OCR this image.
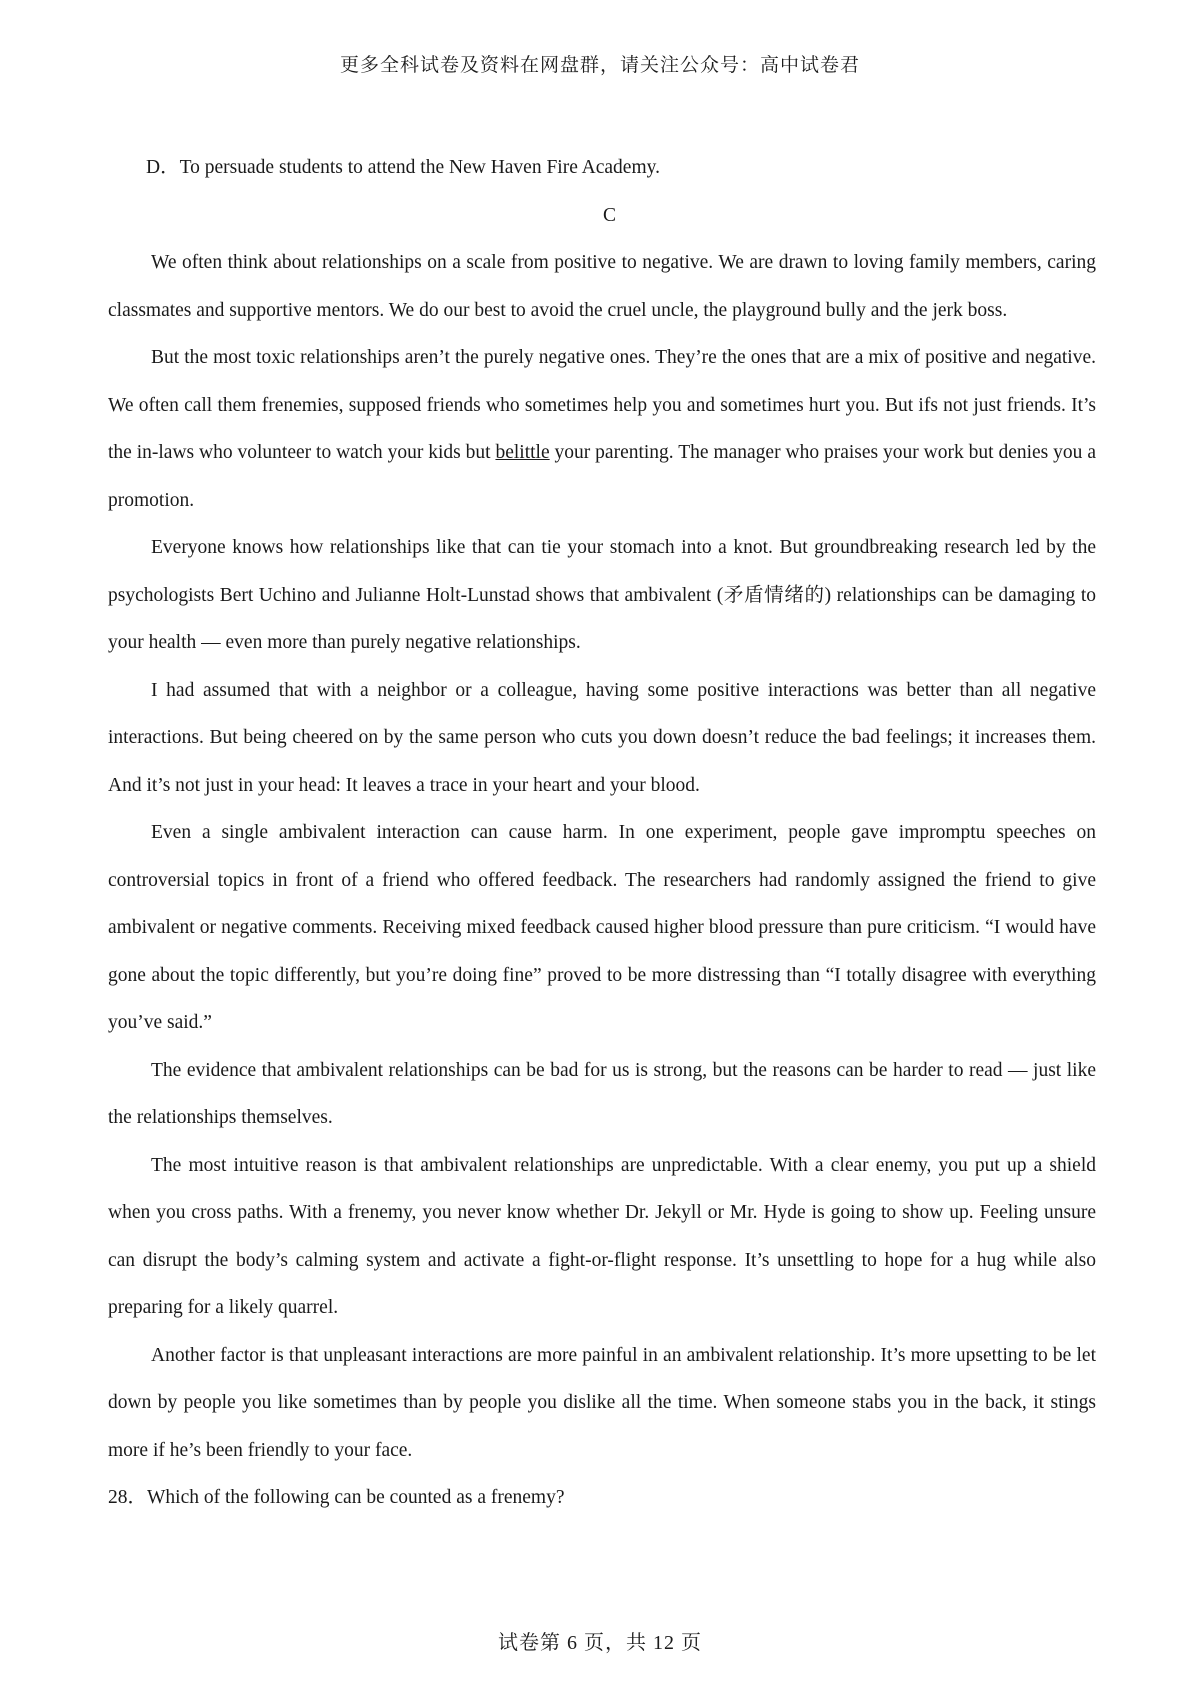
更多全科试卷及资料在网盘群，请关注公众号：高中试卷君

D．To persuade students to attend the New Haven Fire Academy.

C

We often think about relationships on a scale from positive to negative. We are drawn to loving family members, caring classmates and supportive mentors. We do our best to avoid the cruel uncle, the playground bully and the jerk boss.

But the most toxic relationships aren’t the purely negative ones. They’re the ones that are a mix of positive and negative. We often call them frenemies, supposed friends who sometimes help you and sometimes hurt you. But ifs not just friends. It’s the in-laws who volunteer to watch your kids but belittle your parenting. The manager who praises your work but denies you a promotion.

Everyone knows how relationships like that can tie your stomach into a knot. But groundbreaking research led by the psychologists Bert Uchino and Julianne Holt-Lunstad shows that ambivalent (矛盾情绪的) relationships can be damaging to your health — even more than purely negative relationships.

I had assumed that with a neighbor or a colleague, having some positive interactions was better than all negative interactions. But being cheered on by the same person who cuts you down doesn’t reduce the bad feelings; it increases them. And it’s not just in your head: It leaves a trace in your heart and your blood.

Even a single ambivalent interaction can cause harm. In one experiment, people gave impromptu speeches on controversial topics in front of a friend who offered feedback. The researchers had randomly assigned the friend to give ambivalent or negative comments. Receiving mixed feedback caused higher blood pressure than pure criticism. “I would have gone about the topic differently, but you’re doing fine” proved to be more distressing than “I totally disagree with everything you’ve said.”

The evidence that ambivalent relationships can be bad for us is strong, but the reasons can be harder to read — just like the relationships themselves.

The most intuitive reason is that ambivalent relationships are unpredictable. With a clear enemy, you put up a shield when you cross paths. With a frenemy, you never know whether Dr. Jekyll or Mr. Hyde is going to show up. Feeling unsure can disrupt the body’s calming system and activate a fight-or-flight response. It’s unsettling to hope for a hug while also preparing for a likely quarrel.

Another factor is that unpleasant interactions are more painful in an ambivalent relationship. It’s more upsetting to be let down by people you like sometimes than by people you dislike all the time. When someone stabs you in the back, it stings more if he’s been friendly to your face.

28．Which of the following can be counted as a frenemy?

试卷第 6 页，共 12 页
